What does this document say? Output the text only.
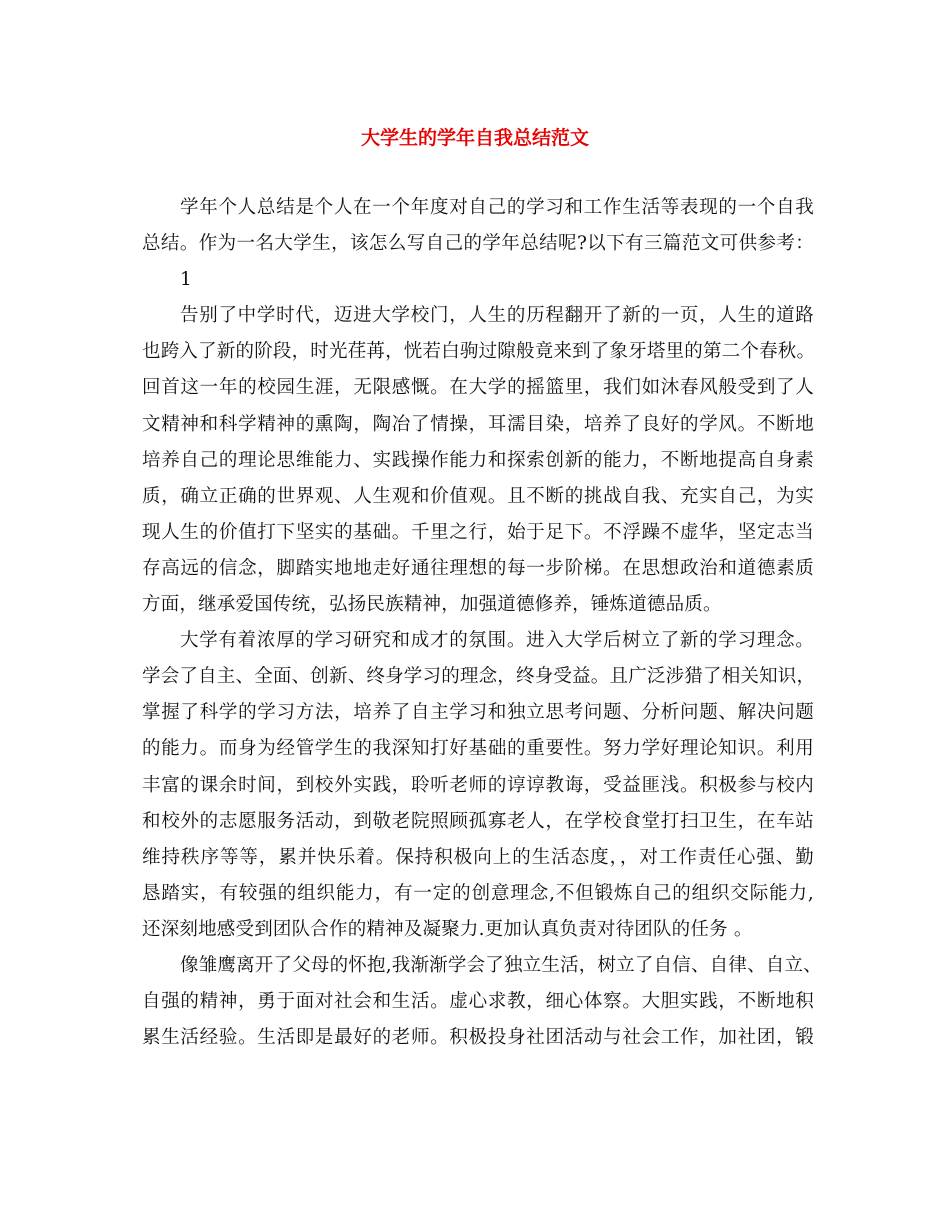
大学生的学年自我总结范文
学年个人总结是个人在一个年度对自己的学习和工作生活等表现的一个自我
总结。作为一名大学生，该怎么写自己的学年总结呢?以下有三篇范文可供参考：
1
告别了中学时代，迈进大学校门，人生的历程翻开了新的一页，人生的道路
也跨入了新的阶段，时光荏苒，恍若白驹过隙般竟来到了象牙塔里的第二个春秋。
回首这一年的校园生涯，无限感慨。在大学的摇篮里，我们如沐春风般受到了人
文精神和科学精神的熏陶，陶冶了情操，耳濡目染，培养了良好的学风。不断地
培养自己的理论思维能力、实践操作能力和探索创新的能力，不断地提高自身素
质，确立正确的世界观、人生观和价值观。且不断的挑战自我、充实自己，为实
现人生的价值打下坚实的基础。千里之行，始于足下。不浮躁不虚华，坚定志当
存高远的信念，脚踏实地地走好通往理想的每一步阶梯。在思想政治和道德素质
方面，继承爱国传统，弘扬民族精神，加强道德修养，锤炼道德品质。
大学有着浓厚的学习研究和成才的氛围。进入大学后树立了新的学习理念。
学会了自主、全面、创新、终身学习的理念，终身受益。且广泛涉猎了相关知识，
掌握了科学的学习方法，培养了自主学习和独立思考问题、分析问题、解决问题
的能力。而身为经管学生的我深知打好基础的重要性。努力学好理论知识。利用
丰富的课余时间，到校外实践，聆听老师的谆谆教诲，受益匪浅。积极参与校内
和校外的志愿服务活动，到敬老院照顾孤寡老人，在学校食堂打扫卫生，在车站
维持秩序等等，累并快乐着。保持积极向上的生活态度，，对工作责任心强、勤
恳踏实，有较强的组织能力，有一定的创意理念,不但锻炼自己的组织交际能力,
还深刻地感受到团队合作的精神及凝聚力.更加认真负责对待团队的任务 。
像雏鹰离开了父母的怀抱,我渐渐学会了独立生活，树立了自信、自律、自立、
自强的精神，勇于面对社会和生活。虚心求教，细心体察。大胆实践，不断地积
累生活经验。生活即是最好的老师。积极投身社团活动与社会工作，加社团，锻
